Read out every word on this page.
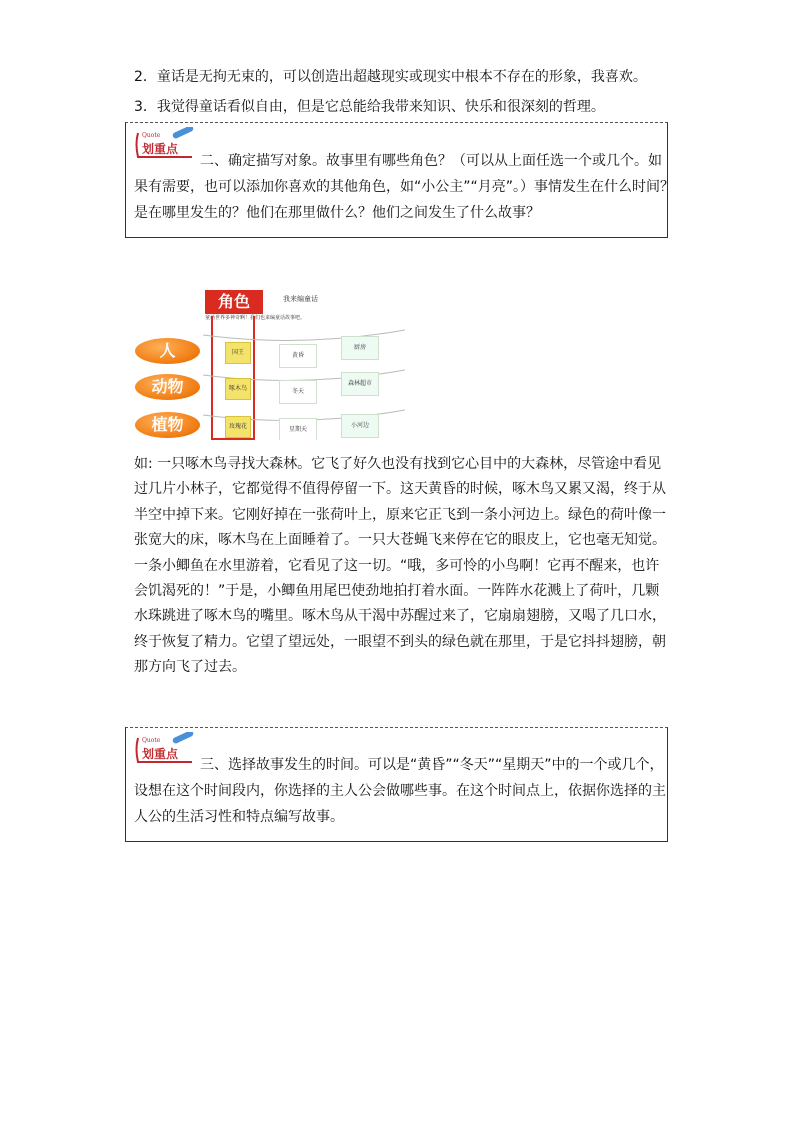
2．童话是无拘无束的，可以创造出超越现实或现实中根本不存在的形象，我喜欢。
3．我觉得童话看似自由，但是它总能给我带来知识、快乐和很深刻的哲理。
Quote
划重点
二、确定描写对象。故事里有哪些角色？（可以从上面任选一个或几个。如
果有需要，也可以添加你喜欢的其他角色，如“小公主”“月亮”。）事情发生在什么时间？
是在哪里发生的？他们在那里做什么？他们之间发生了什么故事？
角色	我来编童话
童话世界多神奇啊！我们也来编童话故事吧。
人
动物
植物
国王
啄木鸟
玫瑰花
黄昏
冬天
星期天
厨房
森林超市
小河边
如: 一只啄木鸟寻找大森林。它飞了好久也没有找到它心目中的大森林，尽管途中看见
过几片小林子，它都觉得不值得停留一下。这天黄昏的时候，啄木鸟又累又渴，终于从
半空中掉下来。它刚好掉在一张荷叶上，原来它正飞到一条小河边上。绿色的荷叶像一
张宽大的床，啄木鸟在上面睡着了。一只大苍蝇飞来停在它的眼皮上，它也毫无知觉。
一条小鲫鱼在水里游着，它看见了这一切。“哦，多可怜的小鸟啊！它再不醒来，也许
会饥渴死的！”于是，小鲫鱼用尾巴使劲地拍打着水面。一阵阵水花溅上了荷叶，几颗
水珠跳进了啄木鸟的嘴里。啄木鸟从干渴中苏醒过来了，它扇扇翅膀，又喝了几口水，
终于恢复了精力。它望了望远处，一眼望不到头的绿色就在那里，于是它抖抖翅膀，朝
那方向飞了过去。
Quote
划重点
三、选择故事发生的时间。可以是“黄昏”“冬天”“星期天”中的一个或几个，
设想在这个时间段内，你选择的主人公会做哪些事。在这个时间点上，依据你选择的主
人公的生活习性和特点编写故事。
